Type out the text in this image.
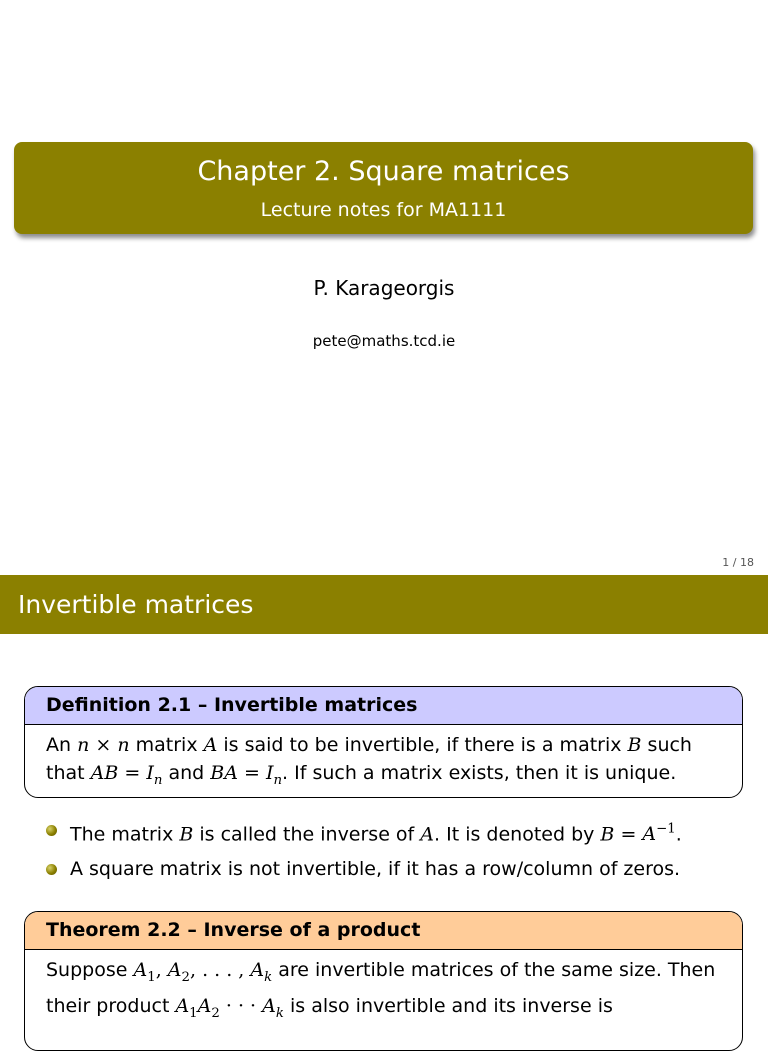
Chapter 2. Square matrices
Lecture notes for MA1111
P. Karageorgis
pete@maths.tcd.ie
1 / 18
Invertible matrices
Definition 2.1 – Invertible matrices
An n × n matrix A is said to be invertible, if there is a matrix B such
that AB = $I_n$ and BA = $I_n$. If such a matrix exists, then it is unique.
The matrix B is called the inverse of A. It is denoted by $B = A^{-1}$.
A square matrix is not invertible, if it has a row/column of zeros.
Theorem 2.2 – Inverse of a product
Suppose $A_1$, $A_2$, . . . , $A_k$ are invertible matrices of the same size. Then
their product $A_1A_2$ · · · $A_k$ is also invertible and its inverse is
